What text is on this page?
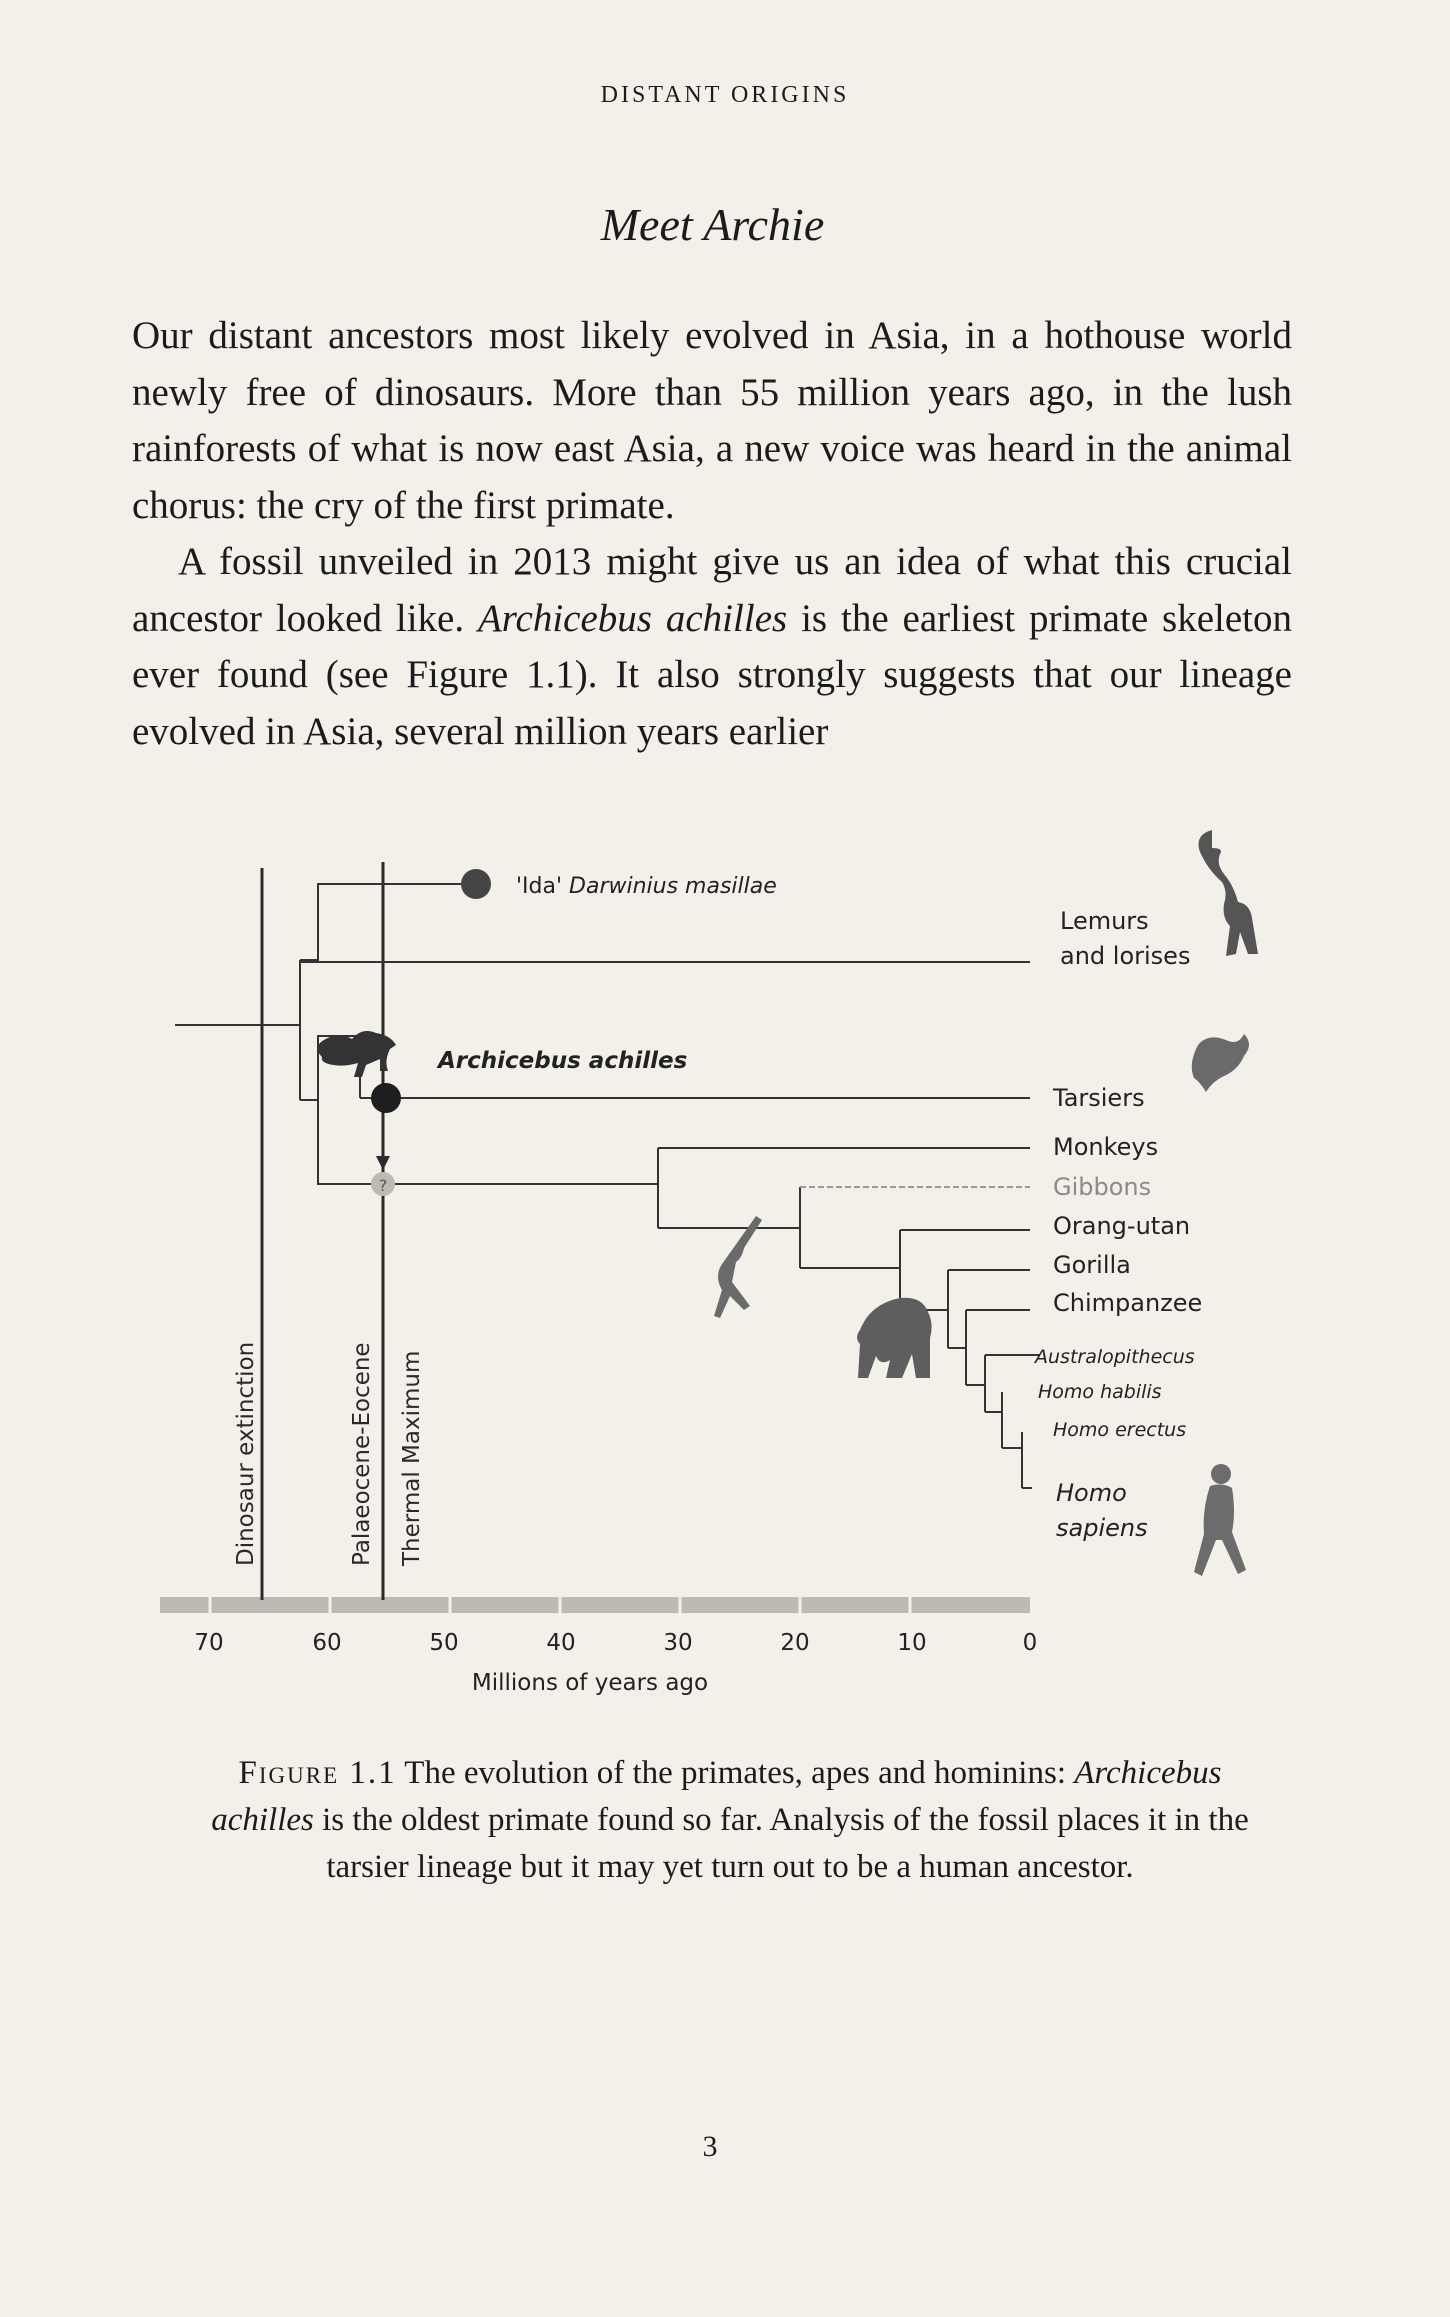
DISTANT ORIGINS
Meet Archie

Our distant ancestors most likely evolved in Asia, in a hothouse world newly free of dinosaurs. More than 55 million years ago, in the lush rainforests of what is now east Asia, a new voice was heard in the animal chorus: the cry of the first primate.

A fossil unveiled in 2013 might give us an idea of what this crucial ancestor looked like. Archicebus achilles is the earliest primate skeleton ever found (see Figure 1.1). It also strongly suggests that our lineage evolved in Asia, several million years earlier

?
Dinosaur extinction	Palaeocene-Eocene Thermal Maximum
'Ida' Darwinius masillae
Archicebus achilles
Lemurs
and lorises
Tarsiers
Monkeys
Gibbons
Orang-utan
Gorilla
Chimpanzee
Australopithecus
Homo habilis
Homo erectus
Homo
sapiens
70	60	50	40	30	20	10	0
Millions of years ago
Figure 1.1 The evolution of the primates, apes and hominins: Archicebus achilles is the oldest primate found so far. Analysis of the fossil places it in the tarsier lineage but it may yet turn out to be a human ancestor.
3
